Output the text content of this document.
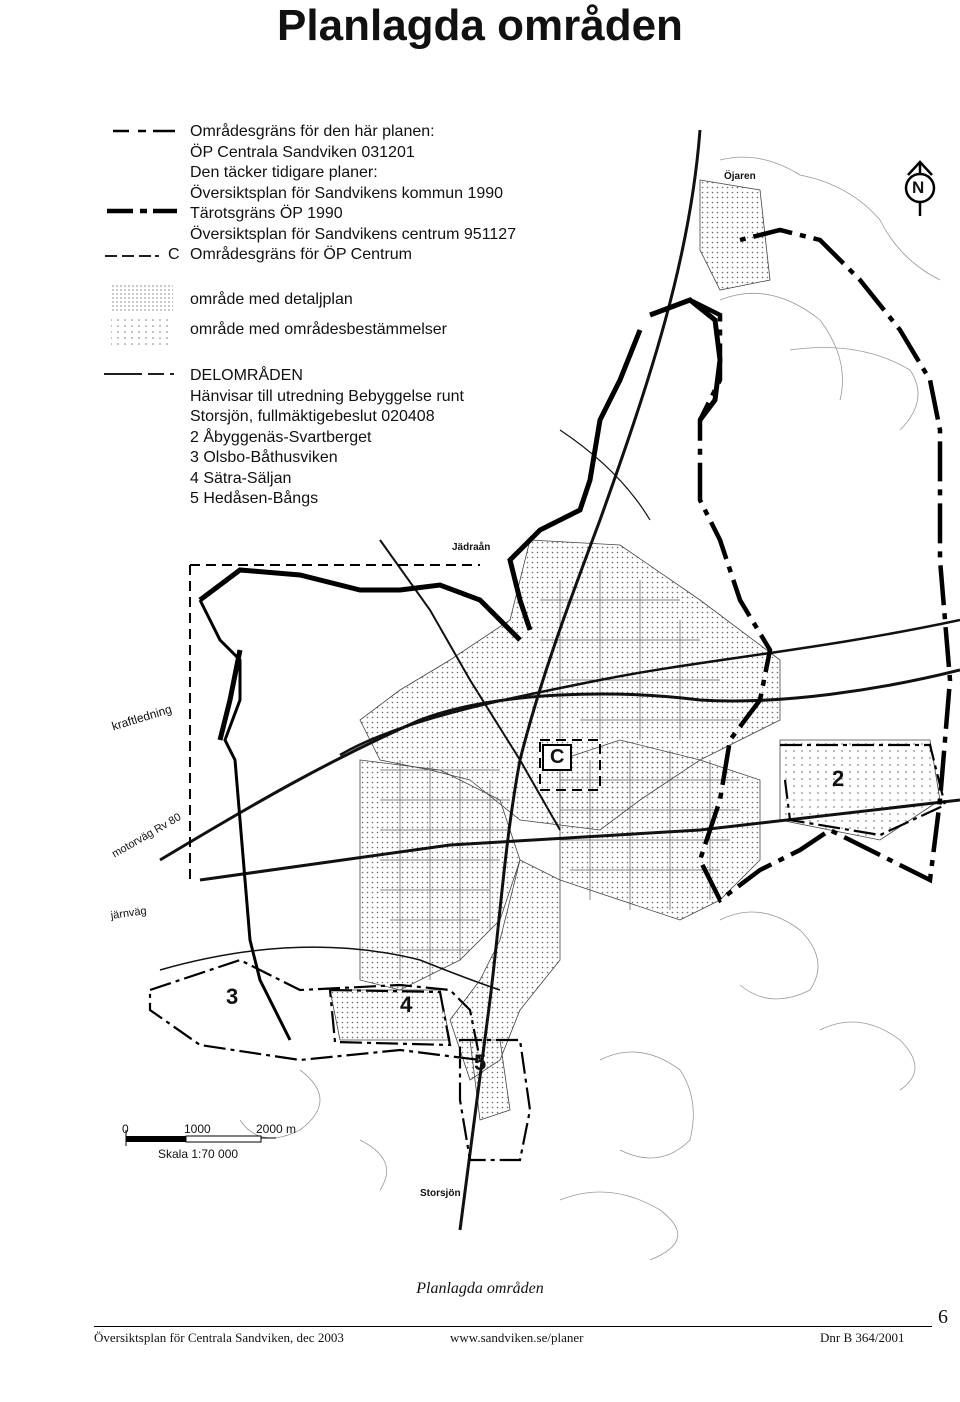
Planlagda områden
C
Områdesgräns för den här planen:
ÖP Centrala Sandviken 031201
Den täcker tidigare planer:
Översiktsplan för Sandvikens kommun 1990
Tärotsgräns ÖP 1990
Översiktsplan för Sandvikens centrum 951127
Områdesgräns för ÖP Centrum
område med detaljplan
område med områdesbestämmelser
DELOMRÅDEN
Hänvisar till utredning Bebyggelse runt
Storsjön, fullmäktigebeslut 020408
2 Åbyggenäs-Svartberget
3 Olsbo-Båthusviken
4 Sätra-Säljan
5 Hedåsen-Bångs
Öjaren
Jädraån
kraftledning
motorväg Rv 80
järnväg
Storsjön
C
2
3	4
5
N
0	1000	2000 m
Skala 1:70 000
Planlagda områden
6
Översiktsplan för Centrala Sandviken, dec 2003	www.sandviken.se/planer	Dnr B 364/2001
